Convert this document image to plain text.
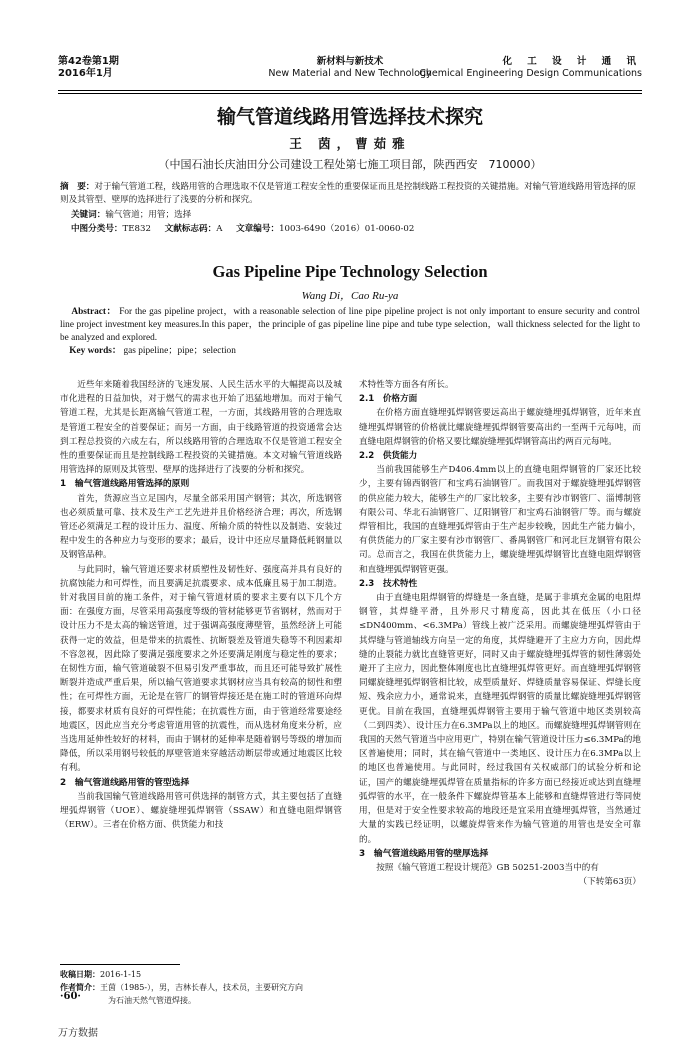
第42卷第1期
2016年1月
新材料与新技术
New Material and New Technology
化 工 设 计 通 讯
Chemical Engineering Design Communications
输气管道线路用管选择技术探究
王 茵，曹茹雅
（中国石油长庆油田分公司建设工程处第七施工项目部，陕西西安　710000）
摘　要：对于输气管道工程，线路用管的合理选取不仅是管道工程安全性的重要保证而且是控制线路工程投资的关键措施。对输气管道线路用管选择的原则及其管型、壁厚的选择进行了浅要的分析和探究。
关键词：输气管道；用管；选择
中图分类号：TE832 文献标志码：A 文章编号：1003-6490（2016）01-0060-02
Gas Pipeline Pipe Technology Selection
Wang Di，Cao Ru-ya
Abstract： For the gas pipeline project，with a reasonable selection of line pipe pipeline project is not only important to ensure security and control line project investment key measures.In this paper，the principle of gas pipeline line pipe and tube type selection，wall thickness selected for the light to be analyzed and explored.
Key words： gas pipeline；pipe；selection

近些年来随着我国经济的飞速发展、人民生活水平的大幅提高以及城市化进程的日益加快，对于燃气的需求也开始了迅猛地增加。而对于输气管道工程，尤其是长距离输气管道工程，一方面，其线路用管的合理选取是管道工程安全的首要保证；而另一方面，由于线路管道的投资通常会达到工程总投资的六成左右，所以线路用管的合理选取不仅是管道工程安全性的重要保证而且是控制线路工程投资的关键措施。本文对输气管道线路用管选择的原则及其管型、壁厚的选择进行了浅要的分析和探究。

1　输气管道线路用管选择的原则

首先，货源应当立足国内，尽量全部采用国产钢管；其次，所选钢管也必须质量可靠、技术及生产工艺先进并且价格经济合理；再次，所选钢管还必须满足工程的设计压力、温度、所输介质的特性以及制造、安装过程中发生的各种应力与变形的要求；最后，设计中还应尽量降低耗钢量以及钢管品种。

与此同时，输气管道还要求材质塑性及韧性好、强度高并具有良好的抗腐蚀能力和可焊性，而且要满足抗震要求、成本低廉且易于加工制造。针对我国目前的施工条件，对于输气管道材质的要求主要有以下几个方面：在强度方面，尽管采用高强度等级的管材能够更节省钢材，然而对于设计压力不是太高的输送管道，过于强调高强度薄壁管，虽然经济上可能获得一定的效益，但是带来的抗震性、抗断裂差及管道失稳等不利因素却不容忽视，因此除了要满足强度要求之外还要满足刚度与稳定性的要求；在韧性方面，输气管道破裂不但易引发严重事故，而且还可能导致扩展性断裂并造成严重后果，所以输气管道要求其钢材应当具有较高的韧性和塑性；在可焊性方面，无论是在管厂的钢管焊接还是在施工时的管道环向焊接，都要求材质有良好的可焊性能；在抗震性方面，由于管道经常要途经地震区，因此应当充分考虑管道用管的抗震性，而从选材角度来分析，应当选用延伸性较好的材料，而由于钢材的延伸率是随着钢号等级的增加而降低，所以采用钢号较低的厚壁管道来穿越活动断层带或通过地震区比较有利。

2　输气管道线路用管的管型选择

当前我国输气管道线路用管可供选择的制管方式，其主要包括了直缝埋弧焊钢管（UOE）、螺旋缝埋弧焊钢管（SSAW）和直缝电阻焊钢管（ERW）。三者在价格方面、供货能力和技

术特性等方面各有所长。

2.1　价格方面

在价格方面直缝埋弧焊钢管要远高出于螺旋缝埋弧焊钢管，近年来直缝埋弧焊钢管的价格就比螺旋缝埋弧焊钢管要高出约一至两千元每吨，而直缝电阻焊钢管的价格又要比螺旋缝埋弧焊钢管高出约两百元每吨。

2.2　供货能力

当前我国能够生产D406.4mm以上的直缝电阻焊钢管的厂家还比较少，主要有锦西钢管厂和宝鸡石油钢管厂。而我国对于螺旋缝埋弧焊钢管的供应能力较大，能够生产的厂家比较多，主要有沙市钢管厂、淄博制管有限公司、华北石油钢管厂、辽阳钢管厂和宝鸡石油钢管厂等。而与螺旋焊管相比，我国的直缝埋弧焊管由于生产起步较晚，因此生产能力偏小，有供货能力的厂家主要有沙市钢管厂、番禺钢管厂和河北巨龙钢管有限公司。总而言之，我国在供货能力上，螺旋缝埋弧焊钢管比直缝电阻焊钢管和直缝埋弧焊钢管更强。

2.3　技术特性

由于直缝电阻焊钢管的焊缝是一条直缝，是属于非填充金属的电阻焊钢管，其焊缝平滑，且外形尺寸精度高，因此其在低压（小口径≤DN400mm、<6.3MPa）管线上被广泛采用。而螺旋缝埋弧焊管由于其焊缝与管道轴线方向呈一定的角度，其焊缝避开了主应力方向，因此焊缝的止裂能力就比直缝管更好，同时又由于螺旋缝埋弧焊管的韧性薄弱处避开了主应力，因此整体刚度也比直缝埋弧焊管更好。而直缝埋弧焊钢管同螺旋缝埋弧焊钢管相比较，成型质量好、焊缝质量容易保证、焊缝长度短、残余应力小，通常说来，直缝埋弧焊钢管的质量比螺旋缝埋弧焊钢管更优。目前在我国，直缝埋弧焊钢管主要用于输气管道中地区类别较高（二到四类）、设计压力在6.3MPa以上的地区。而螺旋缝埋弧焊钢管则在我国的天然气管道当中应用更广，特别在输气管道设计压力≤6.3MPa的地区普遍使用；同时，其在输气管道中一类地区、设计压力在6.3MPa以上的地区也普遍使用。与此同时，经过我国有关权威部门的试验分析和论证，国产的螺旋缝埋弧焊管在质量指标的许多方面已经接近或达到直缝埋弧焊管的水平，在一般条件下螺旋焊管基本上能够和直缝焊管进行等同使用，但是对于安全性要求较高的地段还是宜采用直缝埋弧焊管，当然通过大量的实践已经证明，以螺旋焊管来作为输气管道的用管也是安全可靠的。

3　输气管道线路用管的壁厚选择

按照《输气管道工程设计规范》GB 50251-2003当中的有

（下转第63页）
收稿日期：2016-1-15
作者简介：王茵（1985-），男，吉林长春人，技术员，主要研究方向
为石油天然气管道焊接。
·60·
万方数据
